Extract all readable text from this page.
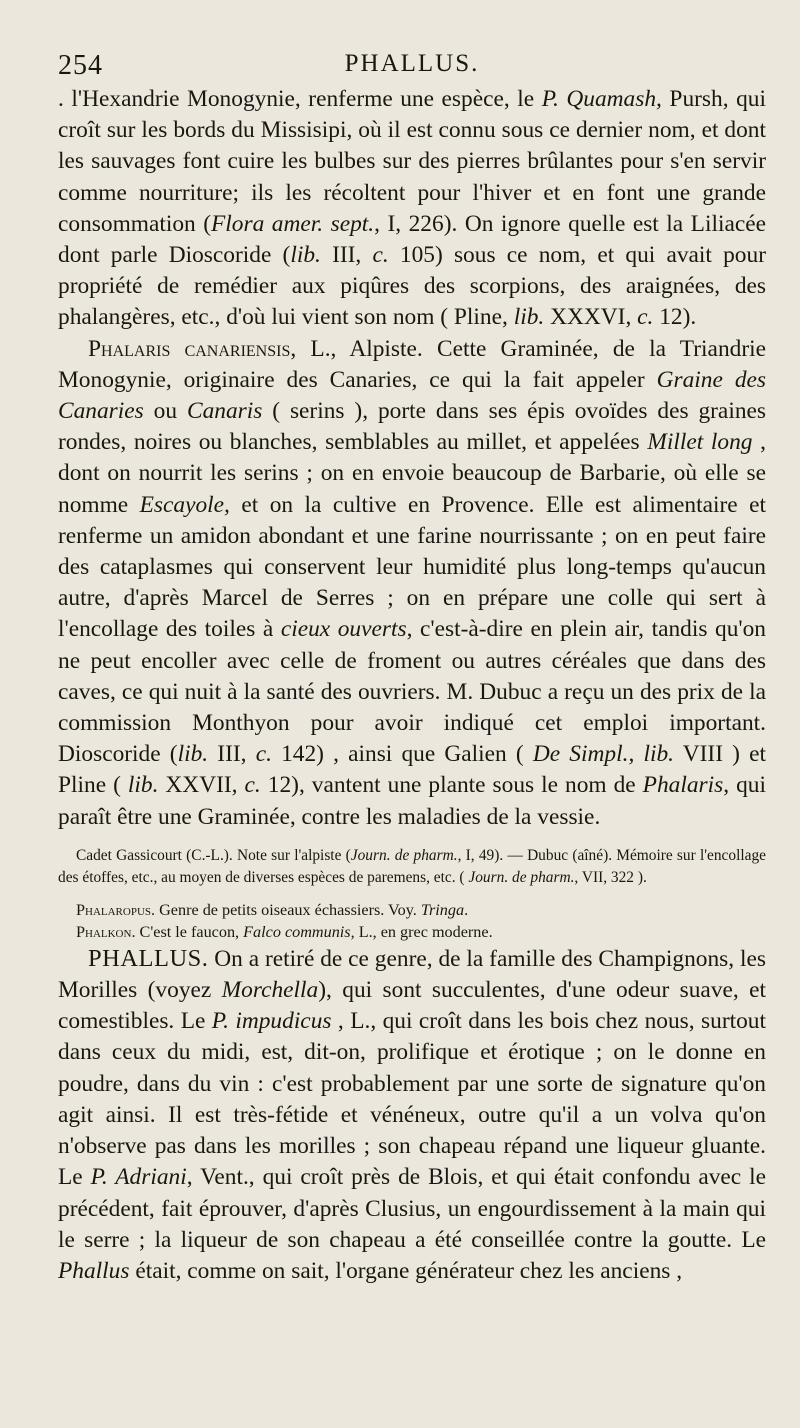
254	PHALLUS.

. l'Hexandrie Monogynie, renferme une espèce, le P. Quamash, Pursh, qui croît sur les bords du Missisipi, où il est connu sous ce dernier nom, et dont les sauvages font cuire les bulbes sur des pierres brûlantes pour s'en servir comme nourriture; ils les récoltent pour l'hiver et en font une grande consommation (Flora amer. sept., I, 226). On ignore quelle est la Liliacée dont parle Dioscoride (lib. III, c. 105) sous ce nom, et qui avait pour propriété de remédier aux piqûres des scorpions, des araignées, des phalangères, etc., d'où lui vient son nom ( Pline, lib. XXXVI, c. 12).

Phalaris canariensis, L., Alpiste. Cette Graminée, de la Triandrie Monogynie, originaire des Canaries, ce qui la fait appeler Graine des Canaries ou Canaris ( serins ), porte dans ses épis ovoïdes des graines rondes, noires ou blanches, semblables au millet, et appelées Millet long , dont on nourrit les serins ; on en envoie beaucoup de Barbarie, où elle se nomme Escayole, et on la cultive en Provence. Elle est alimentaire et renferme un amidon abondant et une farine nourrissante ; on en peut faire des cataplasmes qui conservent leur humidité plus long-temps qu'aucun autre, d'après Marcel de Serres ; on en prépare une colle qui sert à l'encollage des toiles à cieux ouverts, c'est-à-dire en plein air, tandis qu'on ne peut encoller avec celle de froment ou autres céréales que dans des caves, ce qui nuit à la santé des ouvriers. M. Dubuc a reçu un des prix de la commission Monthyon pour avoir indiqué cet emploi important. Dioscoride (lib. III, c. 142) , ainsi que Galien ( De Simpl., lib. VIII ) et Pline ( lib. XXVII, c. 12), vantent une plante sous le nom de Phalaris, qui paraît être une Graminée, contre les maladies de la vessie.

Cadet Gassicourt (C.-L.). Note sur l'alpiste (Journ. de pharm., I, 49). — Dubuc (aîné). Mémoire sur l'encollage des étoffes, etc., au moyen de diverses espèces de paremens, etc. ( Journ. de pharm., VII, 322 ).

Phalaropus. Genre de petits oiseaux échassiers. Voy. Tringa.

Phalkon. C'est le faucon, Falco communis, L., en grec moderne.

PHALLUS. On a retiré de ce genre, de la famille des Champignons, les Morilles (voyez Morchella), qui sont succulentes, d'une odeur suave, et comestibles. Le P. impudicus , L., qui croît dans les bois chez nous, surtout dans ceux du midi, est, dit-on, prolifique et érotique ; on le donne en poudre, dans du vin : c'est probablement par une sorte de signature qu'on agit ainsi. Il est très-fétide et vénéneux, outre qu'il a un volva qu'on n'observe pas dans les morilles ; son chapeau répand une liqueur gluante. Le P. Adriani, Vent., qui croît près de Blois, et qui était confondu avec le précédent, fait éprouver, d'après Clusius, un engourdissement à la main qui le serre ; la liqueur de son chapeau a été conseillée contre la goutte. Le Phallus était, comme on sait, l'organe générateur chez les anciens ,
